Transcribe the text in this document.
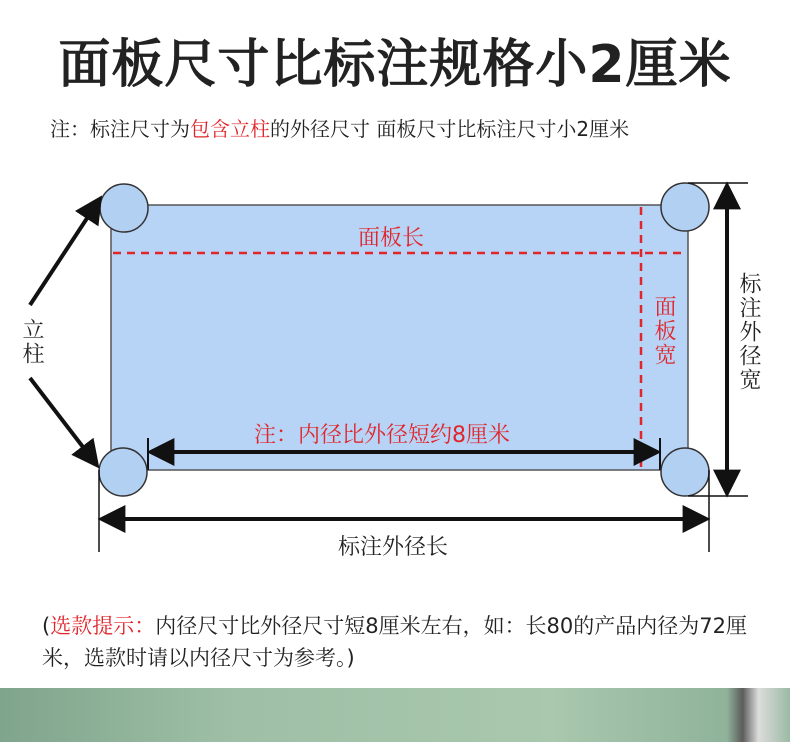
面板尺寸比标注规格小2厘米
注：标注尺寸为包含立柱的外径尺寸 面板尺寸比标注尺寸小2厘米
面板长
面板宽
注：内径比外径短约8厘米
立柱	标注外径宽
标注外径长
(选款提示：内径尺寸比外径尺寸短8厘米左右，如：长80的产品内径为72厘米，选款时请以内径尺寸为参考。)
